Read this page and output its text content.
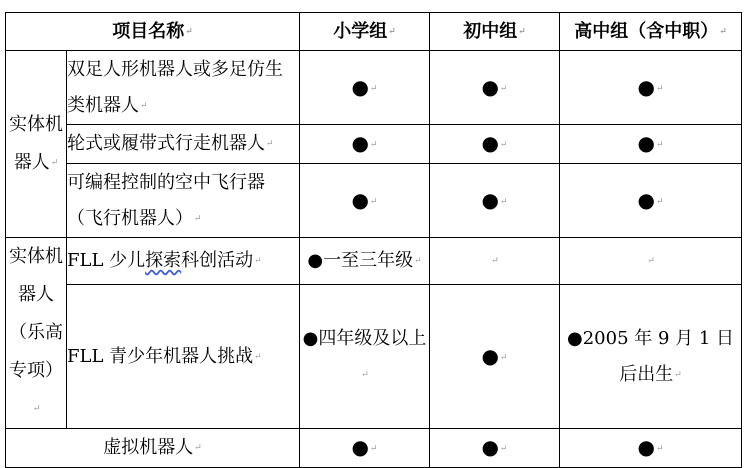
项目名称↵		小学组↵	初中组↵	高中组（含中职）↵
实体机器人↵	双足人形机器人或多足仿生类机器人↵	●↵	●↵	●↵
	轮式或履带式行走机器人↵	●↵	●↵	●↵
	可编程控制的空中飞行器（飞行机器人）↵	●↵	●↵	●↵
实体机器人（乐高专项）↵	FLL 少儿探索科创活动↵	●一至三年级↵	↵	↵
	FLL 青少年机器人挑战↵	●四年级及以上↵	●↵	●2005 年 9 月 1 日后出生↵
虚拟机器人↵		●↵	●↵	●↵
